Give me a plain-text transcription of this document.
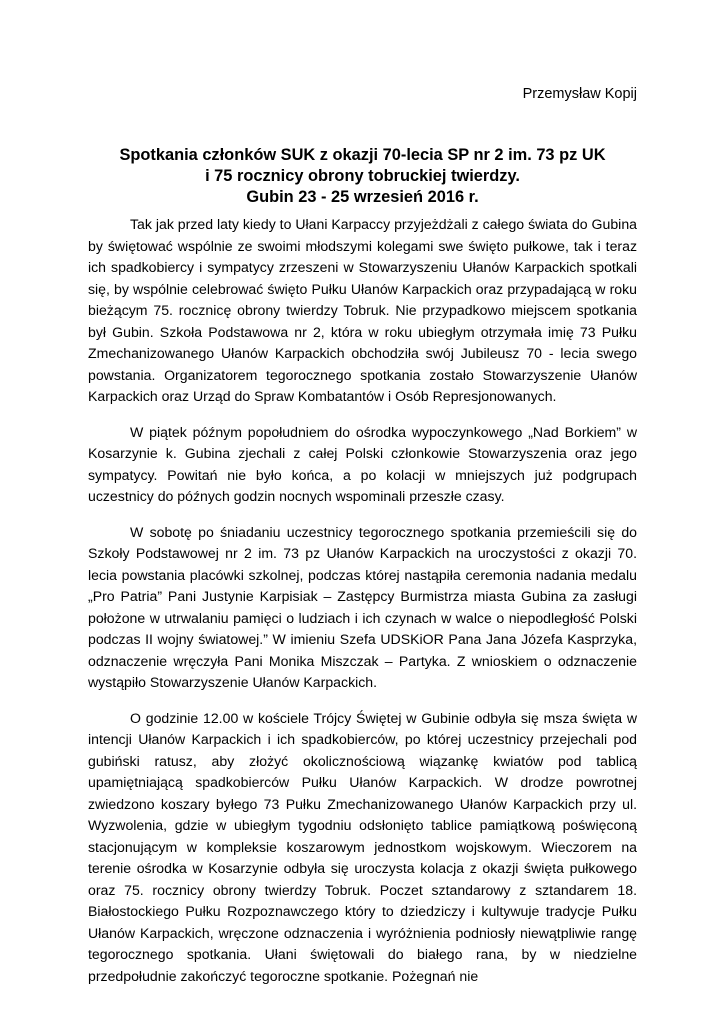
Przemysław Kopij
Spotkania członków SUK z okazji 70-lecia SP nr 2 im. 73 pz UK
i 75 rocznicy obrony tobruckiej twierdzy.
Gubin 23 - 25 wrzesień 2016 r.

Tak jak przed laty kiedy to Ułani Karpaccy przyjeżdżali z całego świata do Gubina by świętować wspólnie ze swoimi młodszymi kolegami swe święto pułkowe, tak i teraz ich spadkobiercy i sympatycy zrzeszeni w Stowarzyszeniu Ułanów Karpackich spotkali się, by wspólnie celebrować święto Pułku Ułanów Karpackich oraz przypadającą w roku bieżącym 75. rocznicę obrony twierdzy Tobruk. Nie przypadkowo miejscem spotkania był Gubin. Szkoła Podstawowa nr 2, która w roku ubiegłym otrzymała imię 73 Pułku Zmechanizowanego Ułanów Karpackich obchodziła swój Jubileusz 70 - lecia swego powstania. Organizatorem tegorocznego spotkania zostało Stowarzyszenie Ułanów Karpackich oraz Urząd do Spraw Kombatantów i Osób Represjonowanych.

W piątek późnym popołudniem do ośrodka wypoczynkowego „Nad Borkiem” w Kosarzynie k. Gubina zjechali z całej Polski członkowie Stowarzyszenia oraz jego sympatycy. Powitań nie było końca, a po kolacji w mniejszych już podgrupach uczestnicy do późnych godzin nocnych wspominali przeszłe czasy.

W sobotę po śniadaniu uczestnicy tegorocznego spotkania przemieścili się do Szkoły Podstawowej nr 2 im. 73 pz Ułanów Karpackich na uroczystości z okazji 70. lecia powstania placówki szkolnej, podczas której nastąpiła ceremonia nadania medalu „Pro Patria” Pani Justynie Karpisiak – Zastępcy Burmistrza miasta Gubina za zasługi położone w utrwalaniu pamięci o ludziach i ich czynach w walce o niepodległość Polski podczas II wojny światowej.” W imieniu Szefa UDSKiOR Pana Jana Józefa Kasprzyka, odznaczenie wręczyła Pani Monika Miszczak – Partyka. Z wnioskiem o odznaczenie wystąpiło Stowarzyszenie Ułanów Karpackich.

O godzinie 12.00 w kościele Trójcy Świętej w Gubinie odbyła się msza święta w intencji Ułanów Karpackich i ich spadkobierców, po której uczestnicy przejechali pod gubiński ratusz, aby złożyć okolicznościową wiązankę kwiatów pod tablicą upamiętniającą spadkobierców Pułku Ułanów Karpackich. W drodze powrotnej zwiedzono koszary byłego 73 Pułku Zmechanizowanego Ułanów Karpackich przy ul. Wyzwolenia, gdzie w ubiegłym tygodniu odsłonięto tablice pamiątkową poświęconą stacjonującym w kompleksie koszarowym jednostkom wojskowym. Wieczorem na terenie ośrodka w Kosarzynie odbyła się uroczysta kolacja z okazji święta pułkowego oraz 75. rocznicy obrony twierdzy Tobruk. Poczet sztandarowy z sztandarem 18. Białostockiego Pułku Rozpoznawczego który to dziedziczy i kultywuje tradycje Pułku Ułanów Karpackich, wręczone odznaczenia i wyróżnienia podniosły niewątpliwie rangę tegorocznego spotkania. Ułani świętowali do białego rana, by w niedzielne przedpołudnie zakończyć tegoroczne spotkanie. Pożegnań nie
